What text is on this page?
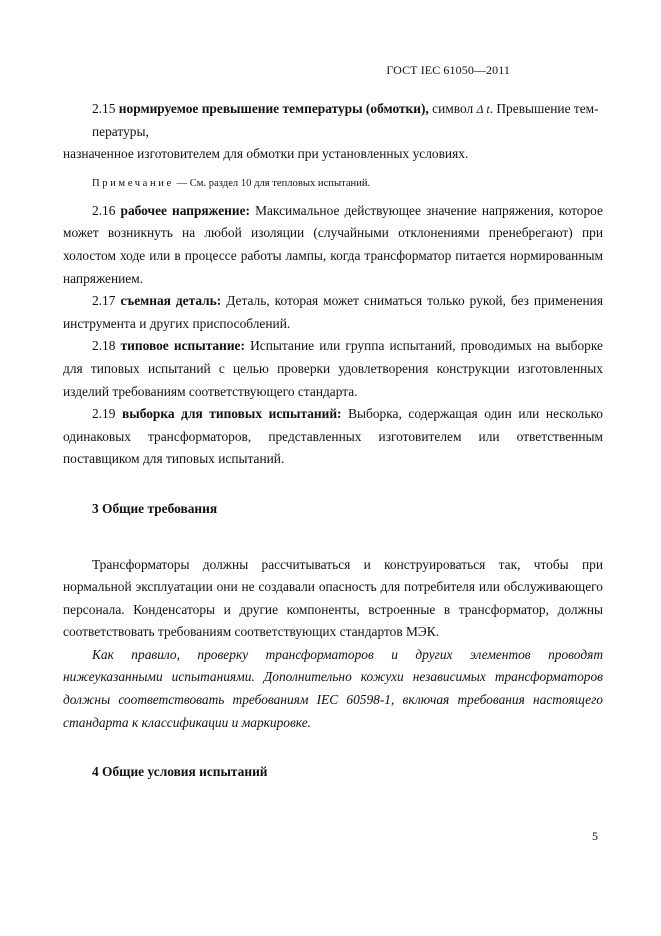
ГОСТ IEC 61050—2011

2.15 нормируемое превышение температуры (обмотки), символ Δ t. Превышение тем-

пературы,

назначенное изготовителем для обмотки при установленных условиях.

Примечание — См. раздел 10 для тепловых испытаний.

2.16 рабочее напряжение: Максимальное действующее значение напряжения, которое может возникнуть на любой изоляции (случайными отклонениями пренебрегают) при холостом ходе или в процессе работы лампы, когда трансформатор питается нормированным напряжением.

2.17 съемная деталь: Деталь, которая может сниматься только рукой, без применения инструмента и других приспособлений.

2.18 типовое испытание: Испытание или группа испытаний, проводимых на выборке для типовых испытаний с целью проверки удовлетворения конструкции изготовленных изделий требованиям соответствующего стандарта.

2.19 выборка для типовых испытаний: Выборка, содержащая один или несколько одинаковых трансформаторов, представленных изготовителем или ответственным поставщиком для типовых испытаний.

3 Общие требования

Трансформаторы должны рассчитываться и конструироваться так, чтобы при нормальной эксплуатации они не создавали опасность для потребителя или обслуживающего персонала. Конденсаторы и другие компоненты, встроенные в трансформатор, должны соответствовать требованиям соответствующих стандартов МЭК.

Как правило, проверку трансформаторов и других элементов проводят нижеуказанными испытаниями. Дополнительно кожухи независимых трансформаторов должны соответствовать требованиям IEC 60598-1, включая требования настоящего стандарта к классификации и маркировке.

4 Общие условия испытаний
5
